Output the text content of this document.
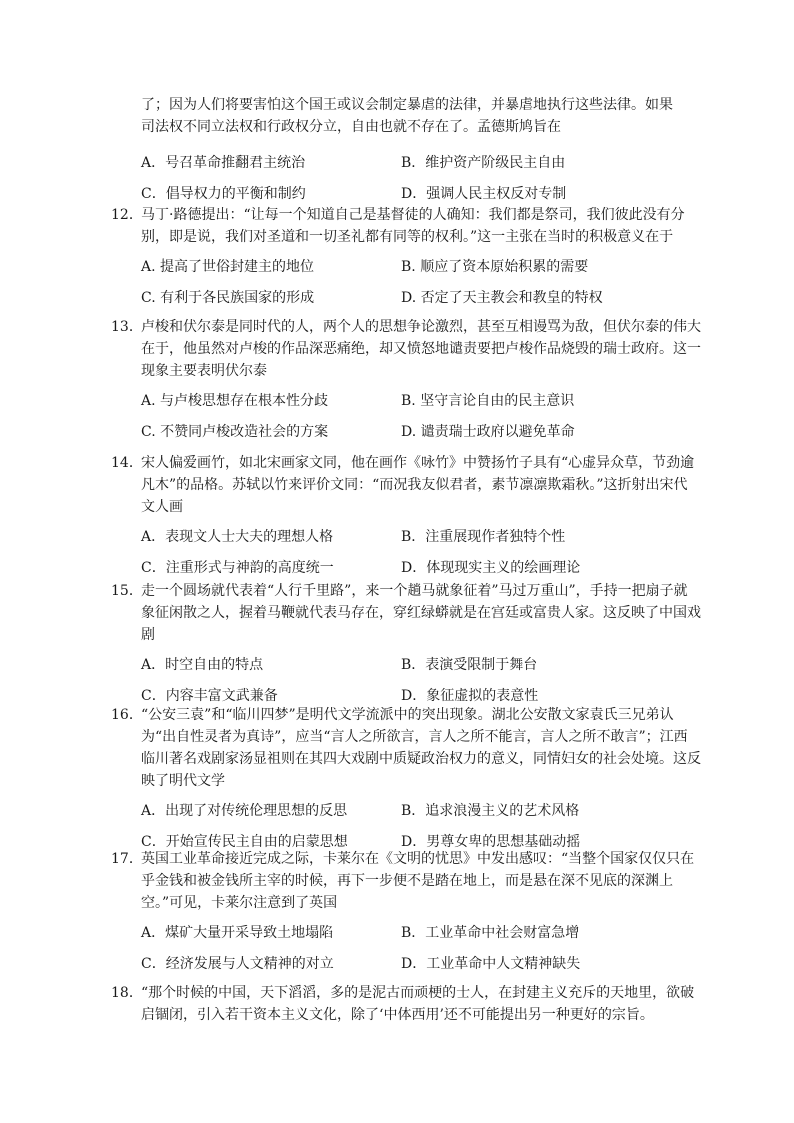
了；因为人们将要害怕这个国王或议会制定暴虐的法律，并暴虐地执行这些法律。如果
司法权不同立法权和行政权分立，自由也就不存在了。孟德斯鸠旨在
A．号召革命推翻君主统治	B．维护资产阶级民主自由
C．倡导权力的平衡和制约	D．强调人民主权反对专制
12．马丁·路德提出：“让每一个知道自己是基督徒的人确知：我们都是祭司，我们彼此没有分别，即是说，我们对圣道和一切圣礼都有同等的权利。”这一主张在当时的积极意义在于
A. 提高了世俗封建主的地位	B. 顺应了资本原始积累的需要
C. 有利于各民族国家的形成	D. 否定了天主教会和教皇的特权
13．卢梭和伏尔泰是同时代的人，两个人的思想争论激烈，甚至互相谩骂为敌，但伏尔泰的伟大在于，他虽然对卢梭的作品深恶痛绝，却又愤怒地谴责要把卢梭作品烧毁的瑞士政府。这一现象主要表明伏尔泰
A. 与卢梭思想存在根本性分歧	B. 坚守言论自由的民主意识
C. 不赞同卢梭改造社会的方案	D. 谴责瑞士政府以避免革命
14．宋人偏爱画竹，如北宋画家文同，他在画作《咏竹》中赞扬竹子具有“心虚异众草，节劲逾凡木”的品格。苏轼以竹来评价文同：“而况我友似君者，素节凛凛欺霜秋。”这折射出宋代文人画
A．表现文人士大夫的理想人格	B．注重展现作者独特个性
C．注重形式与神韵的高度统一	D．体现现实主义的绘画理论
15．走一个圆场就代表着“人行千里路”，来一个趟马就象征着”马过万重山”，手持一把扇子就象征闲散之人，握着马鞭就代表马存在，穿红绿蟒就是在宫廷或富贵人家。这反映了中国戏剧
A．时空自由的特点	B．表演受限制于舞台
C．内容丰富文武兼备	D．象征虚拟的表意性
16．“公安三袁”和“临川四梦”是明代文学流派中的突出现象。湖北公安散文家袁氏三兄弟认为“出自性灵者为真诗”，应当“言人之所欲言，言人之所不能言，言人之所不敢言”；江西临川著名戏剧家汤显祖则在其四大戏剧中质疑政治权力的意义，同情妇女的社会处境。这反映了明代文学
A．出现了对传统伦理思想的反思	B．追求浪漫主义的艺术风格
C．开始宣传民主自由的启蒙思想	D．男尊女卑的思想基础动摇
17．英国工业革命接近完成之际，卡莱尔在《文明的忧思》中发出感叹：“当整个国家仅仅只在乎金钱和被金钱所主宰的时候，再下一步便不是踏在地上，而是悬在深不见底的深渊上空。”可见，卡莱尔注意到了英国
A．煤矿大量开采导致土地塌陷	B．工业革命中社会财富急增
C．经济发展与人文精神的对立	D．工业革命中人文精神缺失
18．“那个时候的中国，天下滔滔，多的是泥古而顽梗的士人，在封建主义充斥的天地里，欲破启锢闭，引入若干资本主义文化，除了‘中体西用’还不可能提出另一种更好的宗旨。
